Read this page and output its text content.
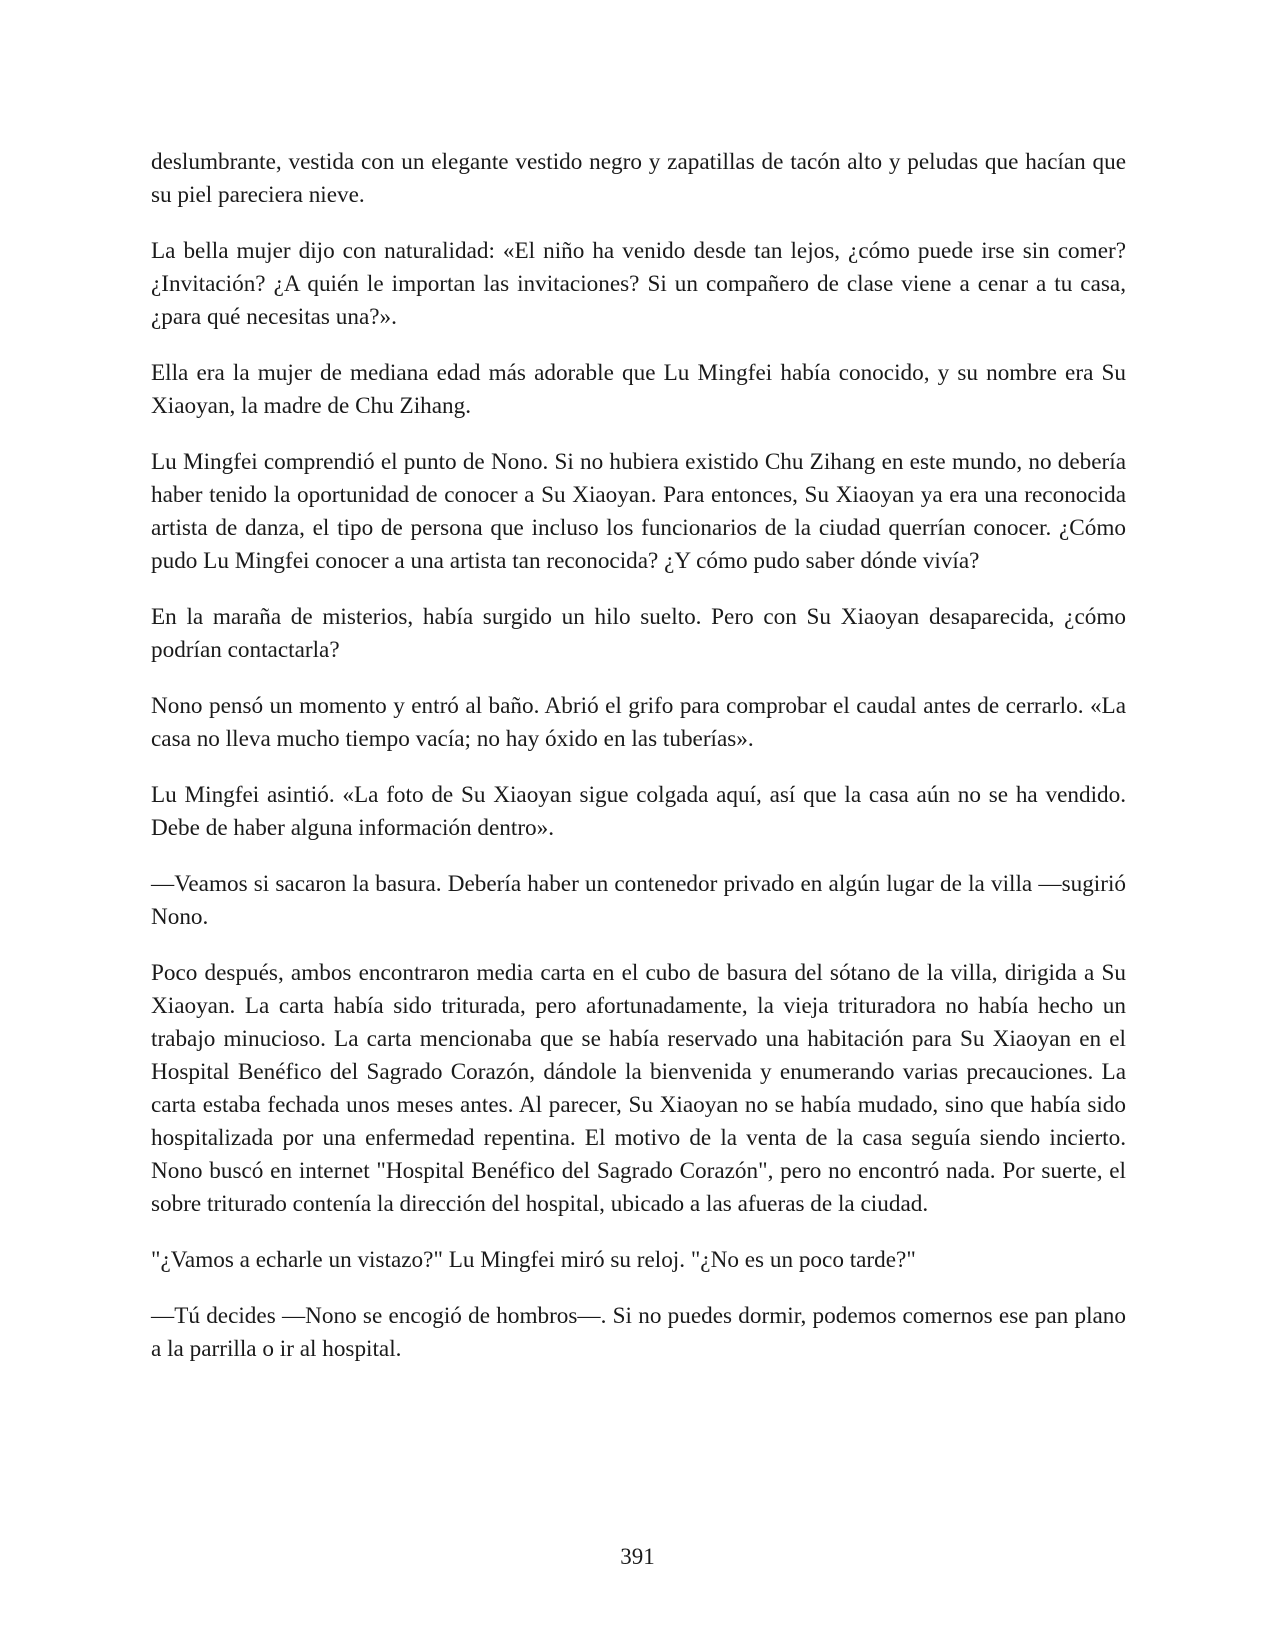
deslumbrante, vestida con un elegante vestido negro y zapatillas de tacón alto y peludas que hacían que su piel pareciera nieve.

La bella mujer dijo con naturalidad: «El niño ha venido desde tan lejos, ¿cómo puede irse sin comer? ¿Invitación? ¿A quién le importan las invitaciones? Si un compañero de clase viene a cenar a tu casa, ¿para qué necesitas una?».

Ella era la mujer de mediana edad más adorable que Lu Mingfei había conocido, y su nombre era Su Xiaoyan, la madre de Chu Zihang.

Lu Mingfei comprendió el punto de Nono. Si no hubiera existido Chu Zihang en este mundo, no debería haber tenido la oportunidad de conocer a Su Xiaoyan. Para entonces, Su Xiaoyan ya era una reconocida artista de danza, el tipo de persona que incluso los funcionarios de la ciudad querrían conocer. ¿Cómo pudo Lu Mingfei conocer a una artista tan reconocida? ¿Y cómo pudo saber dónde vivía?

En la maraña de misterios, había surgido un hilo suelto. Pero con Su Xiaoyan desaparecida, ¿cómo podrían contactarla?

Nono pensó un momento y entró al baño. Abrió el grifo para comprobar el caudal antes de cerrarlo. «La casa no lleva mucho tiempo vacía; no hay óxido en las tuberías».

Lu Mingfei asintió. «La foto de Su Xiaoyan sigue colgada aquí, así que la casa aún no se ha vendido. Debe de haber alguna información dentro».

—Veamos si sacaron la basura. Debería haber un contenedor privado en algún lugar de la villa —sugirió Nono.

Poco después, ambos encontraron media carta en el cubo de basura del sótano de la villa, dirigida a Su Xiaoyan. La carta había sido triturada, pero afortunadamente, la vieja trituradora no había hecho un trabajo minucioso. La carta mencionaba que se había reservado una habitación para Su Xiaoyan en el Hospital Benéfico del Sagrado Corazón, dándole la bienvenida y enumerando varias precauciones. La carta estaba fechada unos meses antes. Al parecer, Su Xiaoyan no se había mudado, sino que había sido hospitalizada por una enfermedad repentina. El motivo de la venta de la casa seguía siendo incierto. Nono buscó en internet "Hospital Benéfico del Sagrado Corazón", pero no encontró nada. Por suerte, el sobre triturado contenía la dirección del hospital, ubicado a las afueras de la ciudad.

"¿Vamos a echarle un vistazo?" Lu Mingfei miró su reloj. "¿No es un poco tarde?"

—Tú decides —Nono se encogió de hombros—. Si no puedes dormir, podemos comernos ese pan plano a la parrilla o ir al hospital.

391
